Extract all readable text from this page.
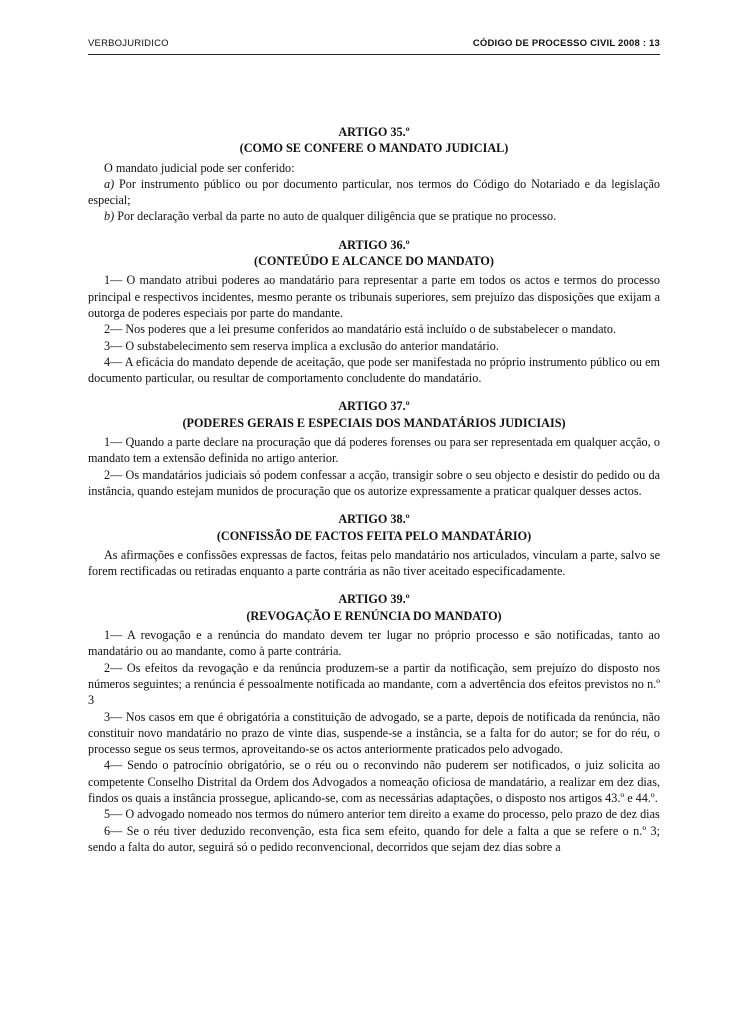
VERBOJURIDICO	CÓDIGO DE PROCESSO CIVIL 2008 : 13
ARTIGO 35.º
(COMO SE CONFERE O MANDATO JUDICIAL)

O mandato judicial pode ser conferido:

a) Por instrumento público ou por documento particular, nos termos do Código do Notariado e da legislação especial;

b) Por declaração verbal da parte no auto de qualquer diligência que se pratique no processo.

ARTIGO 36.º
(CONTEÚDO E ALCANCE DO MANDATO)

1— O mandato atribui poderes ao mandatário para representar a parte em todos os actos e termos do processo principal e respectivos incidentes, mesmo perante os tribunais superiores, sem prejuízo das disposições que exijam a outorga de poderes especiais por parte do mandante.

2— Nos poderes que a lei presume conferidos ao mandatário está incluído o de substabelecer o mandato.

3— O substabelecimento sem reserva implica a exclusão do anterior mandatário.

4— A eficácia do mandato depende de aceitação, que pode ser manifestada no próprio instrumento público ou em documento particular, ou resultar de comportamento concludente do mandatário.

ARTIGO 37.º
(PODERES GERAIS E ESPECIAIS DOS MANDATÁRIOS JUDICIAIS)

1— Quando a parte declare na procuração que dá poderes forenses ou para ser representada em qualquer acção, o mandato tem a extensão definida no artigo anterior.

2— Os mandatários judiciais só podem confessar a acção, transigir sobre o seu objecto e desistir do pedido ou da instância, quando estejam munidos de procuração que os autorize expressamente a praticar qualquer desses actos.

ARTIGO 38.º
(CONFISSÃO DE FACTOS FEITA PELO MANDATÁRIO)

As afirmações e confissões expressas de factos, feitas pelo mandatário nos articulados, vinculam a parte, salvo se forem rectificadas ou retiradas enquanto a parte contrária as não tiver aceitado especificadamente.

ARTIGO 39.º
(REVOGAÇÃO E RENÚNCIA DO MANDATO)

1— A revogação e a renúncia do mandato devem ter lugar no próprio processo e são notificadas, tanto ao mandatário ou ao mandante, como à parte contrária.

2— Os efeitos da revogação e da renúncia produzem-se a partir da notificação, sem prejuízo do disposto nos números seguintes; a renúncia é pessoalmente notificada ao mandante, com a advertência dos efeitos previstos no n.º 3

3— Nos casos em que é obrigatória a constituição de advogado, se a parte, depois de notificada da renúncia, não constituir novo mandatário no prazo de vinte dias, suspende-se a instância, se a falta for do autor; se for do réu, o processo segue os seus termos, aproveitando-se os actos anteriormente praticados pelo advogado.

4— Sendo o patrocínio obrigatório, se o réu ou o reconvindo não puderem ser notificados, o juiz solicita ao competente Conselho Distrital da Ordem dos Advogados a nomeação oficiosa de mandatário, a realizar em dez dias, findos os quais a instância prossegue, aplicando-se, com as necessárias adaptações, o disposto nos artigos 43.º e 44.º.

5— O advogado nomeado nos termos do número anterior tem direito a exame do processo, pelo prazo de dez dias

6— Se o réu tiver deduzido reconvenção, esta fica sem efeito, quando for dele a falta a que se refere o n.º 3; sendo a falta do autor, seguirá só o pedido reconvencional, decorridos que sejam dez dias sobre a
